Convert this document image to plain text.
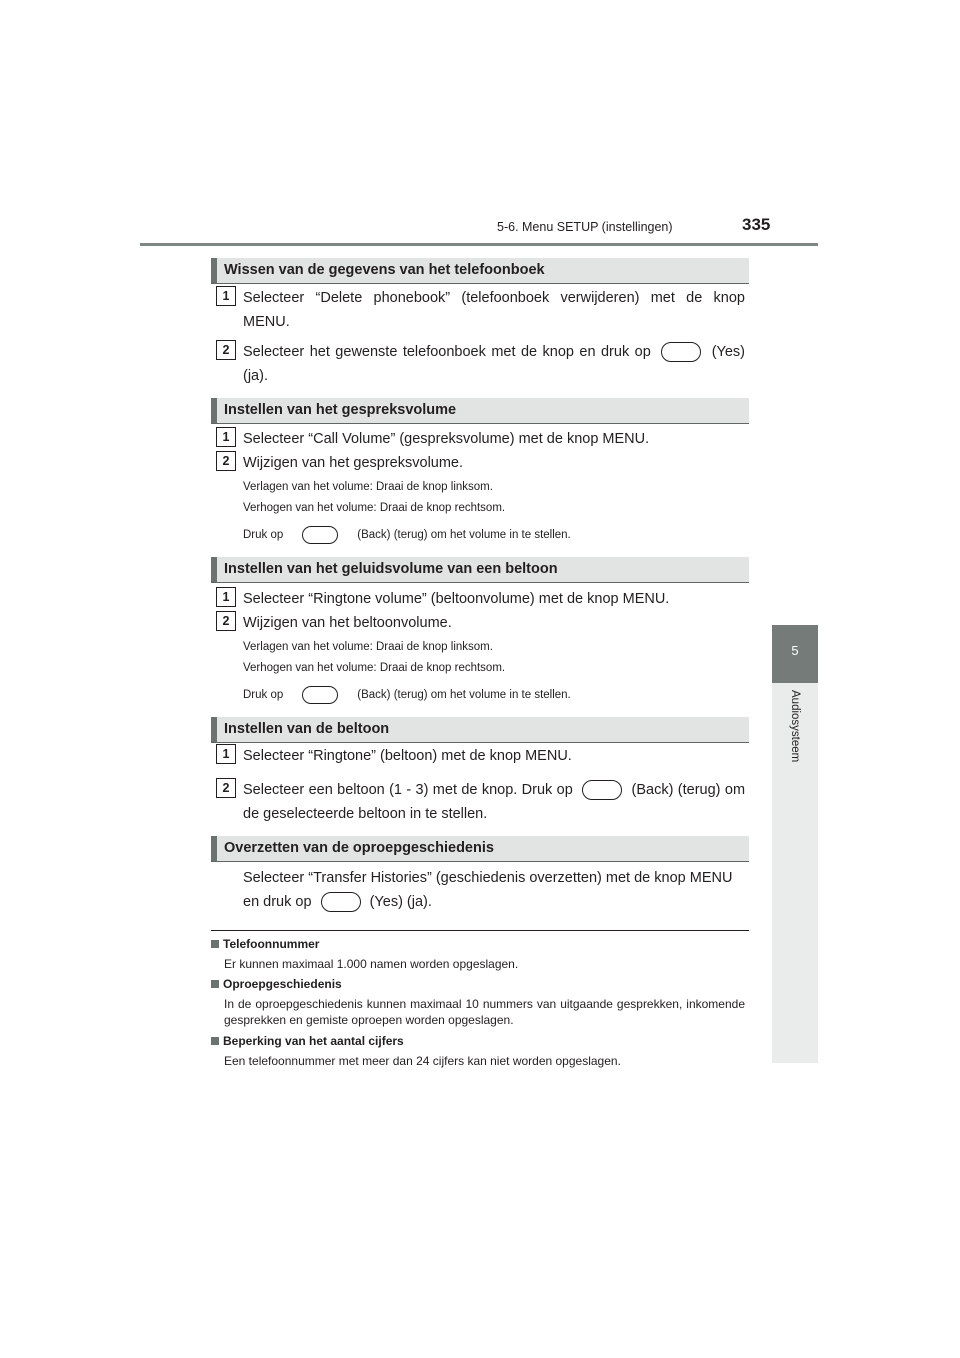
5-6. Menu SETUP (instellingen)	335
5
Audiosysteem
Wissen van de gegevens van het telefoonboek
1 Selecteer “Delete phonebook” (telefoonboek verwijderen) met de knop MENU.
2 Selecteer het gewenste telefoonboek met de knop en druk op	(Yes) (ja).
Instellen van het gespreksvolume
1 Selecteer “Call Volume” (gespreksvolume) met de knop MENU.
2 Wijzigen van het gespreksvolume.
Verlagen van het volume: Draai de knop linksom.
Verhogen van het volume: Draai de knop rechtsom.
Druk op	(Back) (terug) om het volume in te stellen.
Instellen van het geluidsvolume van een beltoon
1 Selecteer “Ringtone volume” (beltoonvolume) met de knop MENU.
2 Wijzigen van het beltoonvolume.
Verlagen van het volume: Draai de knop linksom.
Verhogen van het volume: Draai de knop rechtsom.
Druk op	(Back) (terug) om het volume in te stellen.
Instellen van de beltoon
1 Selecteer “Ringtone” (beltoon) met de knop MENU.
2 Selecteer een beltoon (1 - 3) met de knop. Druk op	(Back) (terug) om de geselecteerde beltoon in te stellen.
Overzetten van de oproepgeschiedenis
Selecteer “Transfer Histories” (geschiedenis overzetten) met de knop MENU
en druk op	(Yes) (ja).
Telefoonnummer
Er kunnen maximaal 1.000 namen worden opgeslagen.
Oproepgeschiedenis
In de oproepgeschiedenis kunnen maximaal 10 nummers van uitgaande gesprekken, inkomende gesprekken en gemiste oproepen worden opgeslagen.
Beperking van het aantal cijfers
Een telefoonnummer met meer dan 24 cijfers kan niet worden opgeslagen.
